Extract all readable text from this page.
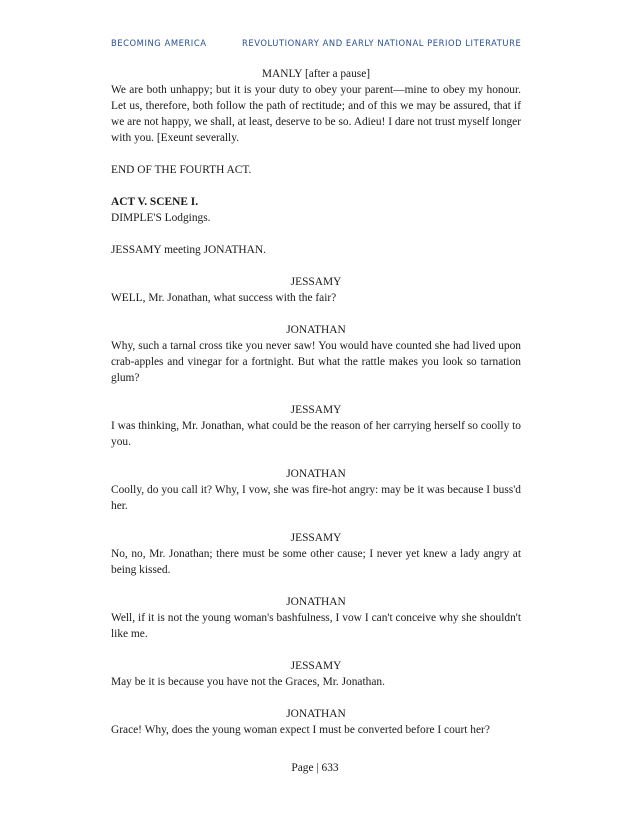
BECOMING AMERICA	REVOLUTIONARY AND EARLY NATIONAL PERIOD LITERATURE

MANLY [after a pause]

We are both unhappy; but it is your duty to obey your parent—mine to obey my honour. Let us, therefore, both follow the path of rectitude; and of this we may be assured, that if we are not happy, we shall, at least, deserve to be so. Adieu! I dare not trust myself longer with you. [Exeunt severally.

END OF THE FOURTH ACT.

ACT V. SCENE I.

DIMPLE'S Lodgings.

JESSAMY meeting JONATHAN.

JESSAMY

WELL, Mr. Jonathan, what success with the fair?

JONATHAN

Why, such a tarnal cross tike you never saw! You would have counted she had lived upon crab-apples and vinegar for a fortnight. But what the rattle makes you look so tarnation glum?

JESSAMY

I was thinking, Mr. Jonathan, what could be the reason of her carrying herself so coolly to you.

JONATHAN

Coolly, do you call it? Why, I vow, she was fire-hot angry: may be it was because I buss'd her.

JESSAMY

No, no, Mr. Jonathan; there must be some other cause; I never yet knew a lady angry at being kissed.

JONATHAN

Well, if it is not the young woman's bashfulness, I vow I can't conceive why she shouldn't like me.

JESSAMY

May be it is because you have not the Graces, Mr. Jonathan.

JONATHAN

Grace! Why, does the young woman expect I must be converted before I court her?

Page | 633
